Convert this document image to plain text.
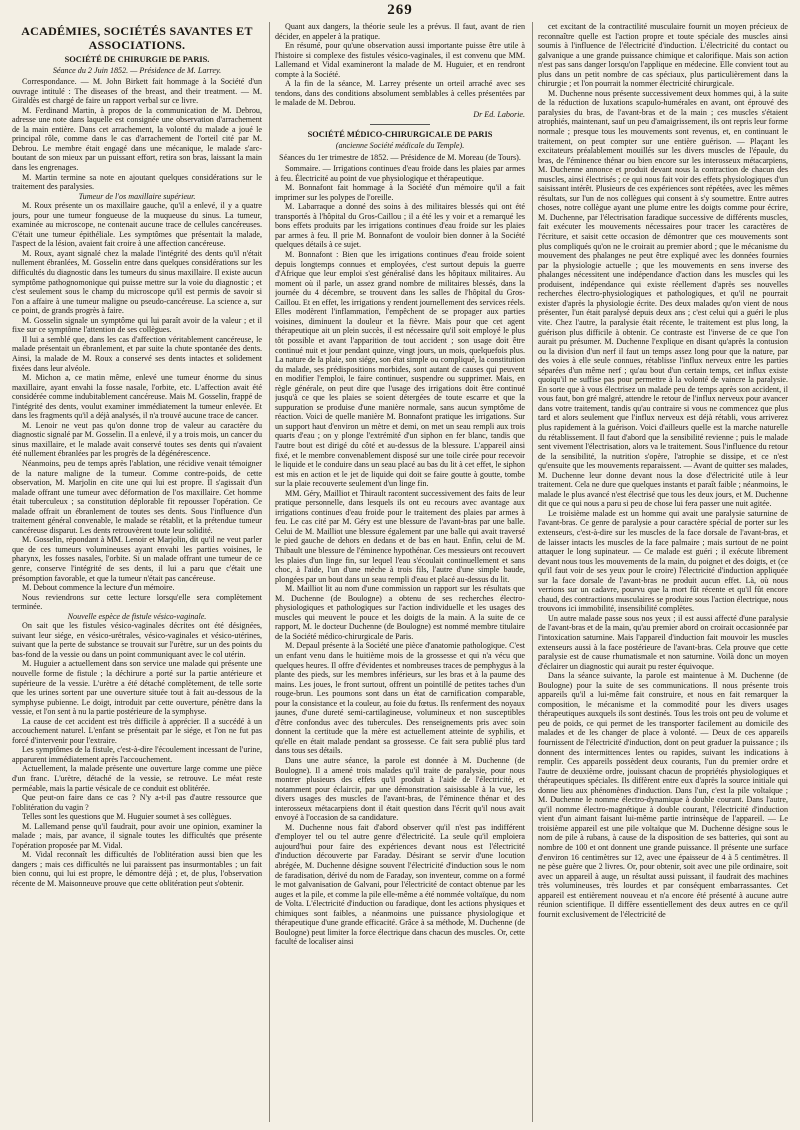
269
ACADÉMIES, SOCIÉTÉS SAVANTES ET ASSOCIATIONS.
SOCIÉTÉ DE CHIRURGIE DE PARIS.
Séance du 2 Juin 1852. — Présidence de M. Larrey.

Correspondance. — M. John Birkett fait hommage à la Société d'un ouvrage intitulé : The diseases of the breast, and their treatment. — M. Giraldès est chargé de faire un rapport verbal sur ce livre.

M. Ferdinand Martin, à propos de la communication de M. Debrou, adresse une note dans laquelle est consignée une observation d'arrachement de la main entière. Dans cet arrachement, la volonté du malade a joué le principal rôle, comme dans le cas d'arrachement de l'orteil cité par M. Debrou. Le membre était engagé dans une mécanique, le malade s'arc-boutant de son mieux par un puissant effort, retira son bras, laissant la main dans les engrenages.

M. Martin termine sa note en ajoutant quelques considérations sur le traitement des paralysies.

Tumeur de l'os maxillaire supérieur.

M. Roux présente un os maxillaire gauche, qu'il a enlevé, il y a quatre jours, pour une tumeur fongueuse de la muqueuse du sinus. La tumeur, examinée au microscope, ne contenait aucune trace de cellules cancéreuses. C'était une tumeur épithéliale. Les symptômes que présentait la malade, l'aspect de la lésion, avaient fait croire à une affection cancéreuse.

M. Roux, ayant signalé chez la malade l'intégrité des dents qu'il n'était nullement ébranlées, M. Gosselin entre dans quelques considérations sur les difficultés du diagnostic dans les tumeurs du sinus maxillaire. Il existe aucun symptôme pathognomonique qui puisse mettre sur la voie du diagnostic ; et c'est seulement sous le champ du microscope qu'il est permis de savoir si l'on a affaire à une tumeur maligne ou pseudo-cancéreuse. La science a, sur ce point, de grands progrès à faire.

M. Gosselin signale un symptôme qui lui paraît avoir de la valeur ; et il fixe sur ce symptôme l'attention de ses collègues.

Il lui a semblé que, dans les cas d'affection véritablement cancéreuse, le malade présentait un ébranlement, et par suite la chute spontanée des dents. Ainsi, la malade de M. Roux a conservé ses dents intactes et solidement fixées dans leur alvéole.

M. Michon a, ce matin même, enlevé une tumeur énorme du sinus maxillaire, ayant envahi la fosse nasale, l'orbite, etc. L'affection avait été considérée comme indubitablement cancéreuse. Mais M. Gosselin, frappé de l'intégrité des dents, voulut examiner immédiatement la tumeur enlevée. Et dans les fragments qu'il a déjà analysés, il n'a trouvé aucune trace de cancer.

M. Lenoir ne veut pas qu'on donne trop de valeur au caractère du diagnostic signalé par M. Gosselin. Il a enlevé, il y a trois mois, un cancer du sinus maxillaire, et le malade avait conservé toutes ses dents qui n'avaient été nullement ébranlées par les progrès de la dégénérescence.

Néanmoins, peu de temps après l'ablation, une récidive venait témoigner de la nature maligne de la tumeur. Comme contre-poids, de cette observation, M. Marjolin en cite une qui lui est propre. Il s'agissait d'un malade offrant une tumeur avec déformation de l'os maxillaire. Cet homme était tuberculeux ; sa constitution déplorable fit repousser l'opération. Ce malade offrait un ébranlement de toutes ses dents. Sous l'influence d'un traitement général convenable, le malade se rétablit, et la prétendue tumeur cancéreuse disparut. Les dents retrouvèrent toute leur solidité.

M. Gosselin, répondant à MM. Lenoir et Marjolin, dit qu'il ne veut parler que de ces tumeurs volumineuses ayant envahi les parties voisines, le pharynx, les fosses nasales, l'orbite. Si un malade offrant une tumeur de ce genre, conserve l'intégrité de ses dents, il lui a paru que c'était une présomption favorable, et que la tumeur n'était pas cancéreuse.

M. Debout commence la lecture d'un mémoire.

Nous reviendrons sur cette lecture lorsqu'elle sera complètement terminée.

Nouvelle espèce de fistule vésico-vaginale.

On sait que les fistules vésico-vaginales décrites ont été désignées, suivant leur siége, en vésico-urétrales, vésico-vaginales et vésico-utérines, suivant que la perte de substance se trouvait sur l'urètre, sur un des points du bas-fond de la vessie ou dans un point communiquant avec le col utérin.

M. Huguier a actuellement dans son service une malade qui présente une nouvelle forme de fistule ; la déchirure a porté sur la partie antérieure et supérieure de la vessie. L'urètre a été détaché complètement, de telle sorte que les urines sortent par une ouverture située tout à fait au-dessous de la symphyse pubienne. Le doigt, introduit par cette ouverture, pénètre dans la vessie, et l'on sent à nu la partie postérieure de la symphyse.

La cause de cet accident est très difficile à apprécier. Il a succédé à un accouchement naturel. L'enfant se présentait par le siége, et l'on ne fut pas forcé d'intervenir pour l'extraire.

Les symptômes de la fistule, c'est-à-dire l'écoulement incessant de l'urine, apparurent immédiatement après l'accouchement.

Actuellement, la malade présente une ouverture large comme une pièce d'un franc. L'urètre, détaché de la vessie, se retrouve. Le méat reste perméable, mais la partie vésicale de ce conduit est oblitérée.

Que peut-on faire dans ce cas ? N'y a-t-il pas d'autre ressource que l'oblitération du vagin ?

Telles sont les questions que M. Huguier soumet à ses collègues.

M. Lallemand pense qu'il faudrait, pour avoir une opinion, examiner la malade ; mais, par avance, il signale toutes les difficultés que présente l'opération proposée par M. Vidal.

M. Vidal reconnaît les difficultés de l'oblitération aussi bien que les dangers ; mais ces difficultés ne lui paraissent pas insurmontables ; un fait bien connu, qui lui est propre, le démontre déjà ; et, de plus, l'observation récente de M. Maisonneuve prouve que cette oblitération peut s'obtenir.

Quant aux dangers, la théorie seule les a prévus. Il faut, avant de rien décider, en appeler à la pratique.

En résumé, pour qu'une observation aussi importante puisse être utile à l'histoire si complexe des fistules vésico-vaginales, il est convenu que MM. Lallemand et Vidal examineront la malade de M. Huguier, et en rendront compte à la Société.

A la fin de la séance, M. Larrey présente un orteil arraché avec ses tendons, dans des conditions absolument semblables à celles présentées par le malade de M. Debrou.

Dr Ed. Laborie.
SOCIÉTÉ MÉDICO-CHIRURGICALE DE PARIS
(ancienne Société médicale du Temple).
Séances du 1er trimestre de 1852. — Présidence de M. Moreau (de Tours).

Sommaire. — Irrigations continues d'eau froide dans les plaies par armes à feu. Électricité au point de vue physiologique et thérapeutique.

M. Bonnafont fait hommage à la Société d'un mémoire qu'il a fait imprimer sur les polypes de l'oreille.

M. Labarraque a donné des soins à des militaires blessés qui ont été transportés à l'hôpital du Gros-Caillou ; il a été les y voir et a remarqué les bons effets produits par les irrigations continues d'eau froide sur les plaies par armes à feu. Il prie M. Bonnafont de vouloir bien donner à la Société quelques détails à ce sujet.

M. Bonnafont : Bien que les irrigations continues d'eau froide soient depuis longtemps connues et employées, c'est surtout depuis la guerre d'Afrique que leur emploi s'est généralisé dans les hôpitaux militaires. Au moment où il parle, un assez grand nombre de militaires blessés, dans la journée du 4 décembre, se trouvent dans les salles de l'hôpital du Gros-Caillou. Et en effet, les irrigations y rendent journellement des services réels. Elles modèrent l'inflammation, l'empêchent de se propager aux parties voisines, diminuent la douleur et la fièvre. Mais pour que cet agent thérapeutique ait un plein succès, il est nécessaire qu'il soit employé le plus tôt possible et avant l'apparition de tout accident ; son usage doit être continué nuit et jour pendant quinze, vingt jours, un mois, quelquefois plus. La nature de la plaie, son siége, son état simple ou compliqué, la constitution du malade, ses prédispositions morbides, sont autant de causes qui peuvent en modifier l'emploi, le faire continuer, suspendre ou supprimer. Mais, en règle générale, on peut dire que l'usage des irrigations doit être continué jusqu'à ce que les plaies se soient détergées de toute escarre et que la suppuration se produise d'une manière normale, sans aucun symptôme de réaction. Voici de quelle manière M. Bonnafont pratique les irrigations. Sur un support haut d'environ un mètre et demi, on met un seau rempli aux trois quarts d'eau ; on y plonge l'extrémité d'un siphon en fer blanc, tandis que l'autre bout est dirigé du côté et au-dessus de la blessure. L'appareil ainsi fixé, et le membre convenablement disposé sur une toile cirée pour recevoir le liquide et le conduire dans un seau placé au bas du lit à cet effet, le siphon est mis en action et le jet de liquide qui doit se faire goutte à goutte, tombe sur la plaie recouverte seulement d'un linge fin.

MM. Géry, Mailliot et Thirault racontent successivement des faits de leur pratique personnelle, dans lesquels ils ont eu recours avec avantage aux irrigations continues d'eau froide pour le traitement des plaies par armes à feu. Le cas cité par M. Géry est une blessure de l'avant-bras par une balle. Celui de M. Mailliot une blessure également par une balle qui avait traversé le pied gauche de dehors en dedans et de bas en haut. Enfin, celui de M. Thibault une blessure de l'éminence hypothénar. Ces messieurs ont recouvert les plaies d'un linge fin, sur lequel l'eau s'écoulait continuellement et sans choc, à l'aide, l'un d'une mèche à trois fils, l'autre d'une simple baude, plongées par un bout dans un seau rempli d'eau et placé au-dessus du lit.

M. Mailliot lit au nom d'une commission un rapport sur les résultats que M. Duchenne (de Boulogne) a obtenu de ses recherches électro-physiologiques et pathologiques sur l'action individuelle et les usages des muscles qui meuvent le pouce et les doigts de la main. A la suite de ce rapport, M. le docteur Duchenne (de Boulogne) est nommé membre titulaire de la Société médico-chirurgicale de Paris.

M. Depaul présente à la Société une pièce d'anatomie pathologique. C'est un enfant venu dans le huitième mois de la grossesse et qui n'a vécu que quelques heures. Il offre d'évidentes et nombreuses traces de pemphygus à la plante des pieds, sur les membres inférieurs, sur les bras et à la paume des mains. Les joues, le front surtout, offrent un pointillé de petites taches d'un rouge-brun. Les poumons sont dans un état de carnification comparable, pour la consistance et la couleur, au foie du fœtus. Ils renferment des noyaux jaunes, d'une dureté semi-cartilagineuse, volumineux et non susceptibles d'être confondus avec des tubercules. Des renseignements pris avec soin donnent la certitude que la mère est actuellement atteinte de syphilis, et qu'elle en était malade pendant sa grossesse. Ce fait sera publié plus tard dans tous ses détails.

Dans une autre séance, la parole est donnée à M. Duchenne (de Boulogne). Il a amené trois malades qu'il traite de paralysie, pour nous montrer plusieurs des effets qu'il produit à l'aide de l'électricité, et notamment pour éclaircir, par une démonstration saisissable à la vue, les divers usages des muscles de l'avant-bras, de l'éminence thénar et des interosseux métacarpiens dont il était question dans l'écrit qu'il nous avait envoyé à l'occasion de sa candidature.

M. Duchenne nous fait d'abord observer qu'il n'est pas indifférent d'employer tel ou tel autre genre d'électricité. La seule qu'il emploiera aujourd'hui pour faire des expériences devant nous est l'électricité d'induction découverte par Faraday. Désirant se servir d'une locution abrégée, M. Duchenne désigne souvent l'électricité d'induction sous le nom de faradisation, dérivé du nom de Faraday, son inventeur, comme on a formé le mot galvanisation de Galvani, pour l'électricité de contact obtenue par les auges et la pile, et comme la pile elle-même a été nommée voltaïque, du nom de Volta. L'électricité d'induction ou faradique, dont les actions physiques et chimiques sont faibles, a néanmoins une puissance physiologique et thérapeutique d'une grande efficacité. Grâce à sa méthode, M. Duchenne (de Boulogne) peut limiter la force électrique dans chacun des muscles. Or, cette faculté de localiser ainsi

cet excitant de la contractilité musculaire fournit un moyen précieux de reconnaître quelle est l'action propre et toute spéciale des muscles ainsi soumis à l'influence de l'électricité d'induction. L'électricité du contact ou galvanique a une grande puissance chimique et calorifique. Mais son action n'est pas sans danger lorsqu'on l'applique en médecine. Elle convient tout au plus dans un petit nombre de cas spéciaux, plus particulièrement dans la chirurgie ; et l'on pourrait la nommer électricité chirurgicale.

M. Duchenne nous présente successivement deux hommes qui, à la suite de la réduction de luxations scapulo-humérales en avant, ont éprouvé des paralysies du bras, de l'avant-bras et de la main ; ces muscles s'étaient atrophiés, maintenant, sauf un peu d'amaigrissement, ils ont repris leur forme normale ; presque tous les mouvements sont revenus, et, en continuant le traitement, on peut compter sur une entière guérison. — Plaçant les excitateurs préalablement mouillés sur les divers muscles de l'épaule, du bras, de l'éminence thénar ou bien encore sur les interosseux métacarpiens, M. Duchenne annonce et produit devant nous la contraction de chacun des muscles, ainsi électrisés ; ce qui nous fait voir des effets physiologiques d'un saisissant intérêt. Plusieurs de ces expériences sont répétées, avec les mêmes résultats, sur l'un de nos collègues qui consent à s'y soumettre. Entre autres choses, notre collègue ayant une plume entre les doigts comme pour écrire, M. Duchenne, par l'électrisation faradique successive de différents muscles, fait exécuter les mouvements nécessaires pour tracer les caractères de l'écriture, et saisit cette occasion de démontrer que ces mouvements sont plus compliqués qu'on ne le croirait au premier abord ; que le mécanisme du mouvement des phalanges ne peut être expliqué avec les données fournies par la physiologie actuelle ; que les mouvements en sens inverse des phalanges nécessitent une indépendance d'action dans les muscles qui les produisent, indépendance qui existe réellement d'après ses nouvelles recherches électro-physiologiques et pathologiques, et qu'il ne pourrait exister d'après la physiologie écrite. Des deux malades qu'on vient de nous présenter, l'un était paralysé depuis deux ans ; c'est celui qui a guéri le plus vite. Chez l'autre, la paralysie était récente, le traitement est plus long, la guérison plus difficile à obtenir. Ce contraste est l'inverse de ce que l'on aurait pu présumer. M. Duchenne l'explique en disant qu'après la contusion ou la division d'un nerf il faut un temps assez long pour que la nature, par des voies à elle seule connues, rétablisse l'influx nerveux entre les parties séparées d'un même nerf ; qu'au bout d'un certain temps, cet influx existe quoiqu'il ne suffise pas pour permettre à la volonté de vaincre la paralysie. En sorte que à vous électrisez un malade peu de temps après son accident, il vous faut, bon gré malgré, attendre le retour de l'influx nerveux pour avancer dans votre traitement, tandis qu'au contraire si vous ne commencez que plus tard et alors seulement que l'influx nerveux est déjà rétabli, vous arriverez plus rapidement à la guérison. Voici d'ailleurs quelle est la marche naturelle du rétablissement. Il faut d'abord que la sensibilité revienne ; puis le malade sent vivement l'électrisation, alors va le traitement. Sous l'influence du retour de la sensibilité, la nutrition s'opère, l'atrophie se dissipe, et ce n'est qu'ensuite que les mouvements reparaissent. — Avant de quitter ses malades, M. Duchenne leur donne devant nous la dose d'électricité utile à leur traitement. Cela ne dure que quelques instants et paraît faible ; néanmoins, le malade le plus avancé n'est électrisé que tous les deux jours, et M. Duchenne dit que ce qui nous a paru si peu de chose lui fera passer une nuit agitée.

Le troisième malade est un homme qui avait une paralysie saturnine de l'avant-bras. Ce genre de paralysie a pour caractère spécial de porter sur les extenseurs, c'est-à-dire sur les muscles de la face dorsale de l'avant-bras, et de laisser intacts les muscles de la face palmaire ; mais surtout de ne point attaquer le long supinateur. — Ce malade est guéri ; il exécute librement devant nous tous les mouvements de la main, du poignet et des doigts, et (ce qu'il faut voir de ses yeux pour le croire) l'électricité d'induction appliquée sur la face dorsale de l'avant-bras ne produit aucun effet. Là, où nous verrions sur un cadavre, pourvu que la mort fût récente et qu'il fût encore chaud, des contractions musculaires se produire sous l'action électrique, nous trouvons ici immobilité, insensibilité complètes.

Un autre malade passe sous nos yeux ; il est aussi affecté d'une paralysie de l'avant-bras et de la main, qu'au premier abord on croirait occasionnée par l'intoxication saturnine. Mais l'appareil d'induction fait mouvoir les muscles extenseurs aussi à la face postérieure de l'avant-bras. Cela prouve que cette paralysie est de cause rhumatismale et non saturnine. Voilà donc un moyen d'éclairer un diagnostic qui aurait pu rester équivoque.

Dans la séance suivante, la parole est maintenue à M. Duchenne (de Boulogne) pour la suite de ses communications. Il nous présente trois appareils qu'il a lui-même fait construire, et nous en fait remarquer la composition, le mécanisme et la commodité pour les divers usages thérapeutiques auxquels ils sont destinés. Tous les trois ont peu de volume et peu de poids, ce qui permet de les transporter facilement au domicile des malades et de les changer de place à volonté. — Deux de ces appareils fournissent de l'électricité d'induction, dont on peut graduer la puissance ; ils donnent des intermittences lentes ou rapides, suivant les indications à remplir. Ces appareils possèdent deux courants, l'un du premier ordre et l'autre de deuxième ordre, jouissant chacun de propriétés physiologiques et thérapeutiques spéciales. Ils diffèrent entre eux d'après la source initiale qui donne lieu aux phénomènes d'induction. Dans l'un, c'est la pile voltaïque ; M. Duchenne le nomme électro-dynamique à double courant. Dans l'autre, qu'il nomme électro-magnétique à double courant, l'électricité d'induction vient d'un aimant faisant lui-même partie intrinsèque de l'appareil. — Le troisième appareil est une pile voltaïque que M. Duchenne désigne sous le nom de pile à rubans, à cause de la disposition de ses batteries, qui sont au nombre de 100 et ont donnent une grande puissance. Il présente une surface d'environ 16 centimètres sur 12, avec une épaisseur de 4 à 5 centimètres. Il ne pèse guère que 2 livres. Or, pour obtenir, soit avec une pile ordinaire, soit avec un appareil à auge, un résultat aussi puissant, il faudrait des machines très volumineuses, très lourdes et par conséquent embarrassantes. Cet appareil est entièrement nouveau et n'a encore été présenté à aucune autre réunion scientifique. Il diffère essentiellement des deux autres en ce qu'il fournit exclusivement de l'électricité de
